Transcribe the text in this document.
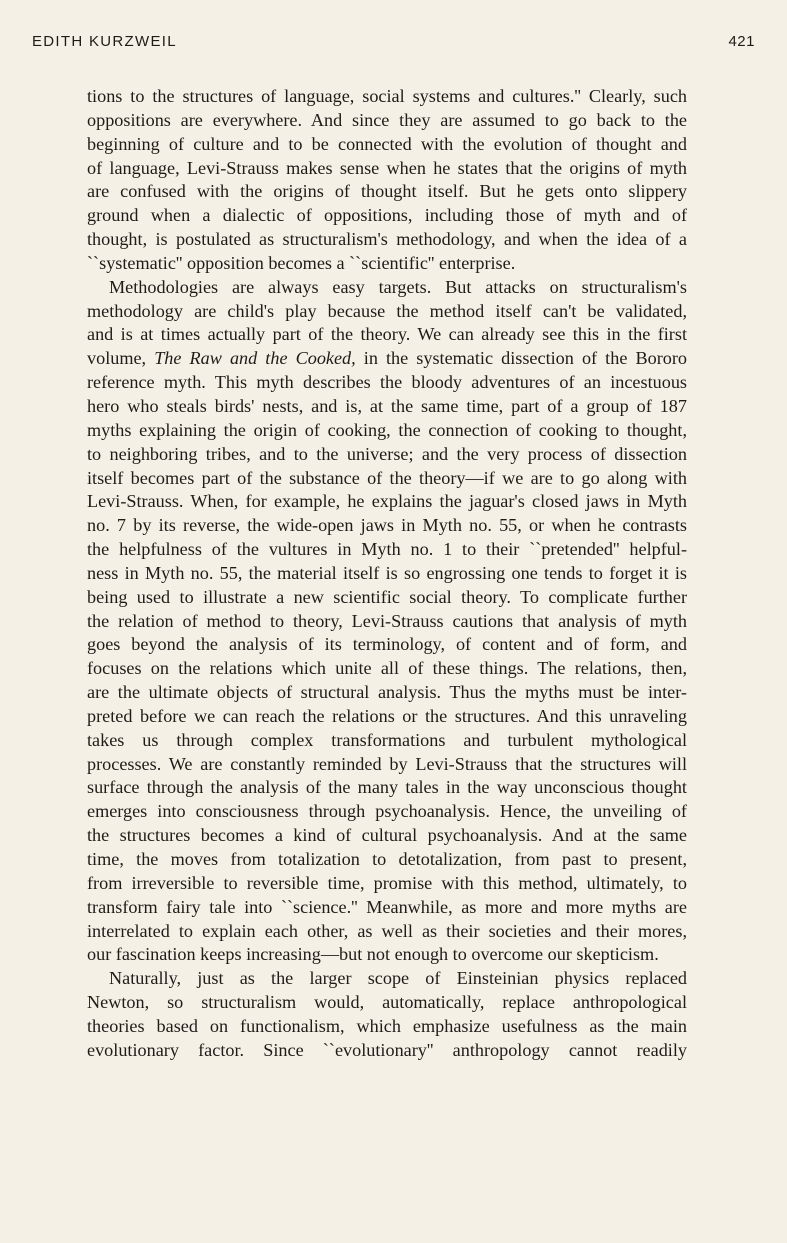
EDITH KURZWEIL	421
tions to the structures of language, social systems and cultures.'' Clearly, such
oppositions are everywhere. And since they are assumed to go back to the
beginning of culture and to be connected with the evolution of thought and
of language, Levi-Strauss makes sense when he states that the origins of myth
are confused with the origins of thought itself. But he gets onto slippery
ground when a dialectic of oppositions, including those of myth and of
thought, is postulated as structuralism's methodology, and when the idea of a
``systematic'' opposition becomes a ``scientific'' enterprise.
Methodologies are always easy targets. But attacks on structuralism's
methodology are child's play because the method itself can't be validated,
and is at times actually part of the theory. We can already see this in the first
volume, The Raw and the Cooked, in the systematic dissection of the Bororo
reference myth. This myth describes the bloody adventures of an incestuous
hero who steals birds' nests, and is, at the same time, part of a group of 187
myths explaining the origin of cooking, the connection of cooking to thought,
to neighboring tribes, and to the universe; and the very process of dissection
itself becomes part of the substance of the theory—if we are to go along with
Levi-Strauss. When, for example, he explains the jaguar's closed jaws in Myth
no. 7 by its reverse, the wide-open jaws in Myth no. 55, or when he contrasts
the helpfulness of the vultures in Myth no. 1 to their ``pretended'' helpful-
ness in Myth no. 55, the material itself is so engrossing one tends to forget it is
being used to illustrate a new scientific social theory. To complicate further
the relation of method to theory, Levi-Strauss cautions that analysis of myth
goes beyond the analysis of its terminology, of content and of form, and
focuses on the relations which unite all of these things. The relations, then,
are the ultimate objects of structural analysis. Thus the myths must be inter-
preted before we can reach the relations or the structures. And this unraveling
takes us through complex transformations and turbulent mythological
processes. We are constantly reminded by Levi-Strauss that the structures will
surface through the analysis of the many tales in the way unconscious thought
emerges into consciousness through psychoanalysis. Hence, the unveiling of
the structures becomes a kind of cultural psychoanalysis. And at the same
time, the moves from totalization to detotalization, from past to present,
from irreversible to reversible time, promise with this method, ultimately, to
transform fairy tale into ``science.'' Meanwhile, as more and more myths are
interrelated to explain each other, as well as their societies and their mores,
our fascination keeps increasing—but not enough to overcome our skepticism.
Naturally, just as the larger scope of Einsteinian physics replaced
Newton, so structuralism would, automatically, replace anthropological
theories based on functionalism, which emphasize usefulness as the main
evolutionary factor. Since ``evolutionary'' anthropology cannot readily
